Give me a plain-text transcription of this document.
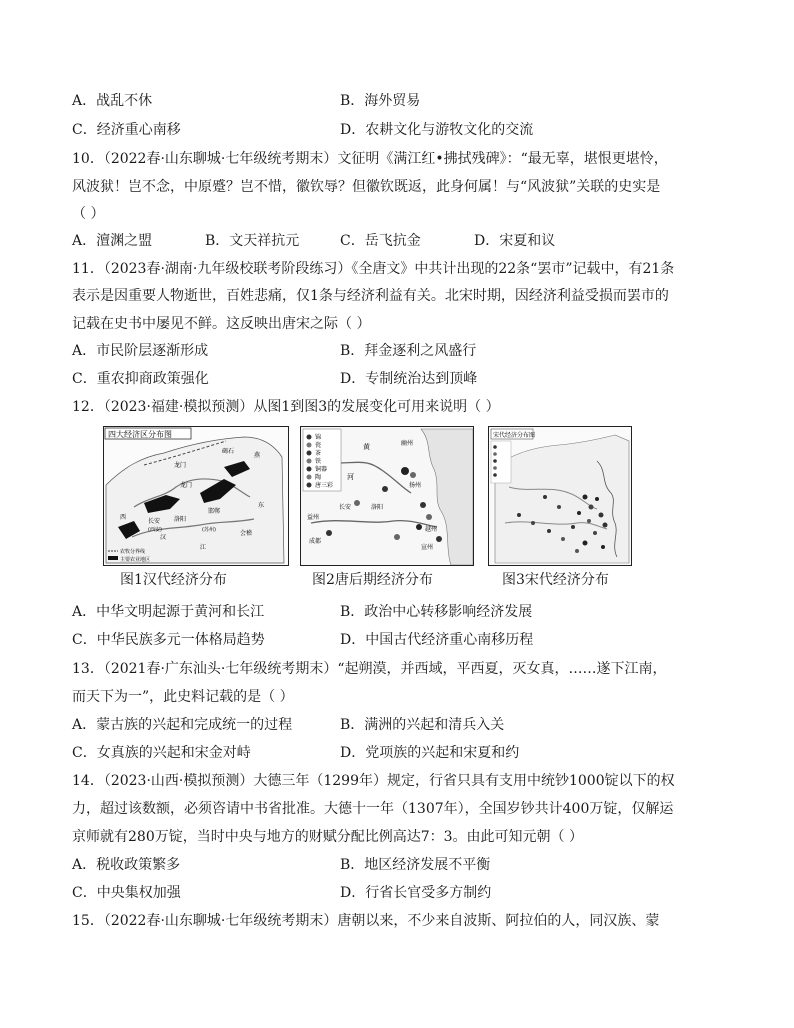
A．战乱不休	B．海外贸易
C．经济重心南移	D．农耕文化与游牧文化的交流
10．（2022春·山东聊城·七年级统考期末）文征明《满江红•拂拭残碑》：“最无辜，堪恨更堪怜，
风波狱！岂不念，中原蹙？岂不惜，徽钦辱？但徽钦既返，此身何属！与“风波狱”关联的史实是
（ ）
A．澶渊之盟	B．文天祥抗元	C．岳飞抗金	D．宋夏和议
11．（2023春·湖南·九年级校联考阶段练习）《全唐文》中共计出现的22条“罢市”记载中，有21条
表示是因重要人物逝世，百姓悲痛，仅1条与经济利益有关。北宋时期，因经济利益受损而罢市的
记载在史书中屡见不鲜。这反映出唐宋之际（ ）
A．市民阶层逐渐形成	B．拜金逐利之风盛行
C．重农抑商政策强化	D．专制统治达到顶峰
12．（2023·福建·模拟预测）从图1到图3的发展变化可用来说明（ ）
四大经济区分布图
龙门
碣石
燕
龙门
长安 洛阳
邯郸
西
汉
江
东
会稽
(西安)	(苏州)
农牧分界线
主要农业地区
锦
瓷
茶
铁
铜器
陶
唐三彩
黄
河
幽州
长安	洛阳
扬州
越州
益州
成都
宣州
宋代经济分布图
图1汉代经济分布	图2唐后期经济分布	图3宋代经济分布
A．中华文明起源于黄河和长江	B．政治中心转移影响经济发展
C．中华民族多元一体格局趋势	D．中国古代经济重心南移历程
13．（2021春·广东汕头·七年级统考期末）“起朔漠，并西域，平西夏，灭女真，……遂下江南，
而天下为一”，此史料记载的是（ ）
A．蒙古族的兴起和完成统一的过程	B．满洲的兴起和清兵入关
C．女真族的兴起和宋金对峙	D．党项族的兴起和宋夏和约
14．（2023·山西·模拟预测）大德三年（1299年）规定，行省只具有支用中统钞1000锭以下的权
力，超过该数额，必须咨请中书省批准。大德十一年（1307年），全国岁钞共计400万锭，仅解运
京师就有280万锭，当时中央与地方的财赋分配比例高达7：3。由此可知元朝（ ）
A．税收政策繁多	B．地区经济发展不平衡
C．中央集权加强	D．行省长官受多方制约
15．（2022春·山东聊城·七年级统考期末）唐朝以来，不少来自波斯、阿拉伯的人，同汉族、蒙
